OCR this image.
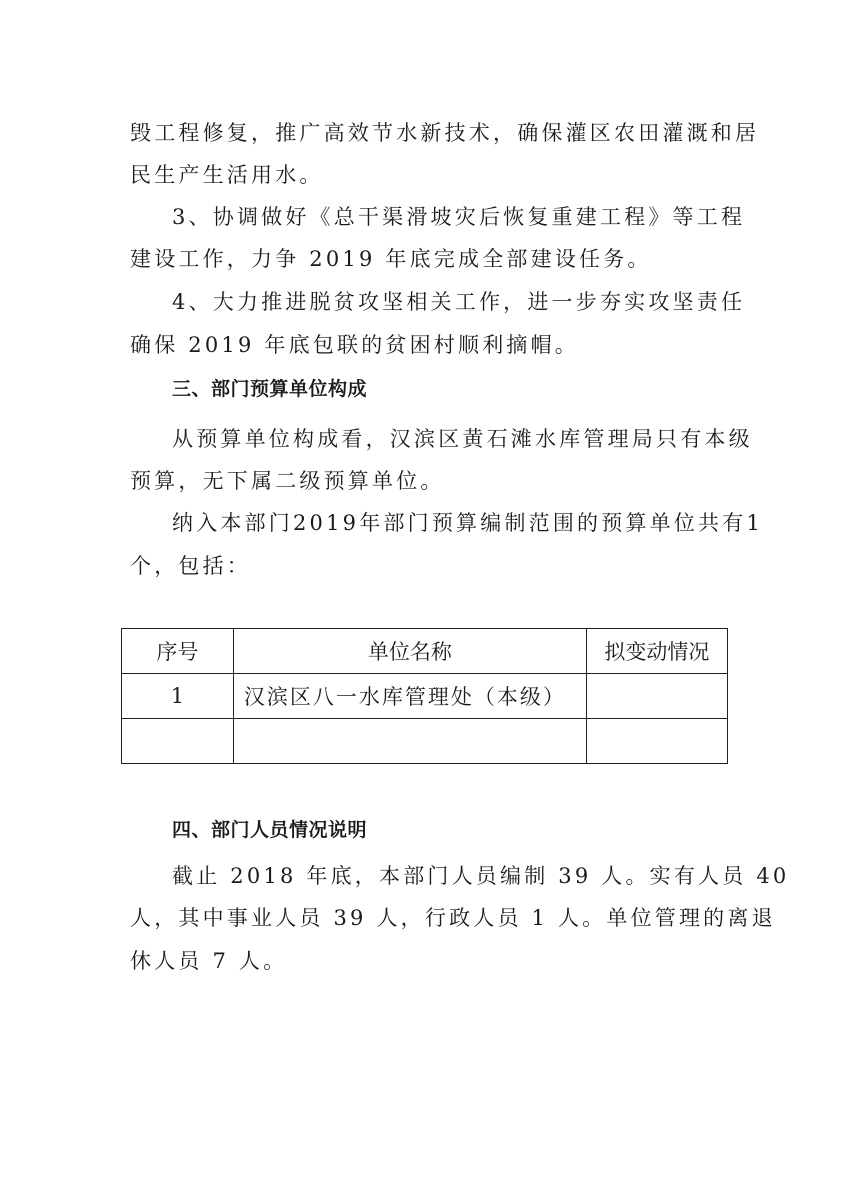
毁工程修复，推广高效节水新技术，确保灌区农田灌溉和居
民生产生活用水。
3、协调做好《总干渠滑坡灾后恢复重建工程》等工程
建设工作，力争 2019 年底完成全部建设任务。
4、大力推进脱贫攻坚相关工作，进一步夯实攻坚责任
确保 2019 年底包联的贫困村顺利摘帽。
三、部门预算单位构成
从预算单位构成看，汉滨区黄石滩水库管理局只有本级
预算，无下属二级预算单位。
纳入本部门2019年部门预算编制范围的预算单位共有1
个，包括：
序号	单位名称	拟变动情况
1	汉滨区八一水库管理处（本级）	

四、部门人员情况说明
截止 2018 年底，本部门人员编制 39 人。实有人员 40
人，其中事业人员 39 人，行政人员 1 人。单位管理的离退
休人员 7 人。
